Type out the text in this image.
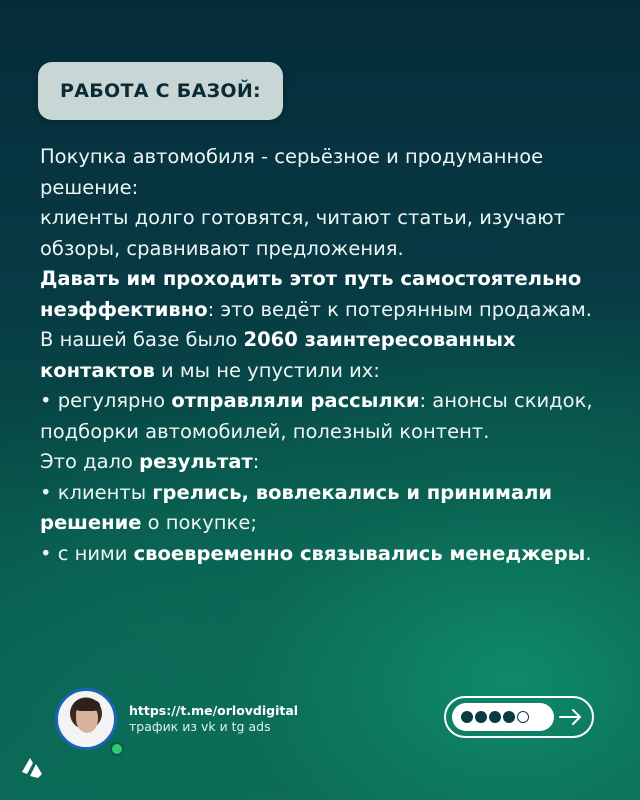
РАБОТА С БАЗОЙ:

Покупка автомобиля - серьёзное и продуманное решение:

клиенты долго готовятся, читают статьи, изучают обзоры, сравнивают предложения.

Давать им проходить этот путь самостоятельно неэффективно: это ведёт к потерянным продажам.

В нашей базе было 2060 заинтересованных контактов и мы не упустили их:

• регулярно отправляли рассылки: анонсы скидок, подборки автомобилей, полезный контент.

Это дало результат:

• клиенты грелись, вовлекались и принимали решение о покупке;

• с ними своевременно связывались менеджеры.

https://t.me/orlovdigital
трафик из vk и tg ads
